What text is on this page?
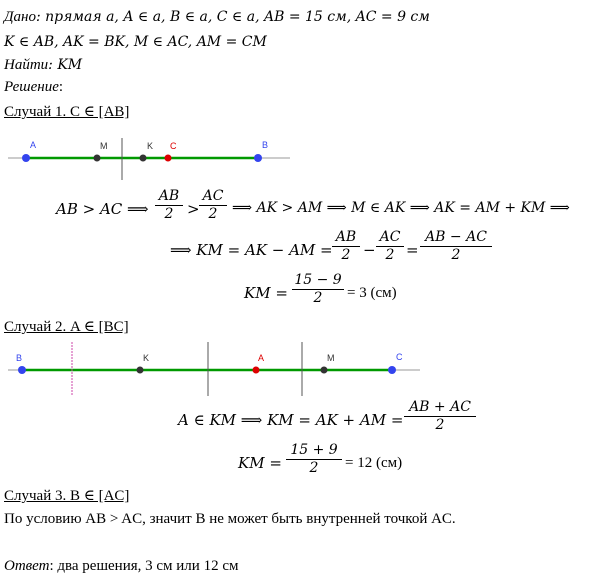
Дано: прямая a, A ∈ a, B ∈ a, C ∈ a, AB = 15 см, AC = 9 см
K ∈ AB, AK = BK, M ∈ AC, AM = CM
Найти: KM
Решение:
Случай 1. C ∈ [AB]
A	M	K C	B
AB > AC ⟹ $\frac{AB}{2} > \frac{AC}{2}$ ⟹ AK > AM ⟹ M ∈ AK ⟹ AK = AM + KM ⟹
⟹ KM = AK − AM = $\frac{AB}{2} - \frac{AC}{2} = \frac{AB - AC}{2}$
KM = $\frac{15 - 9}{2} = 3$ (см)
Случай 2. A ∈ [BC]
B	K	A	M	C
A ∈ KM ⟹ KM = AK + AM = $\frac{AB + AC}{2}$
KM = $\frac{15 + 9}{2} = 12$ (см)
Случай 3. B ∈ [AC]
По условию AB > AC, значит B не может быть внутренней точкой AC.
Ответ: два решения, 3 см или 12 см
